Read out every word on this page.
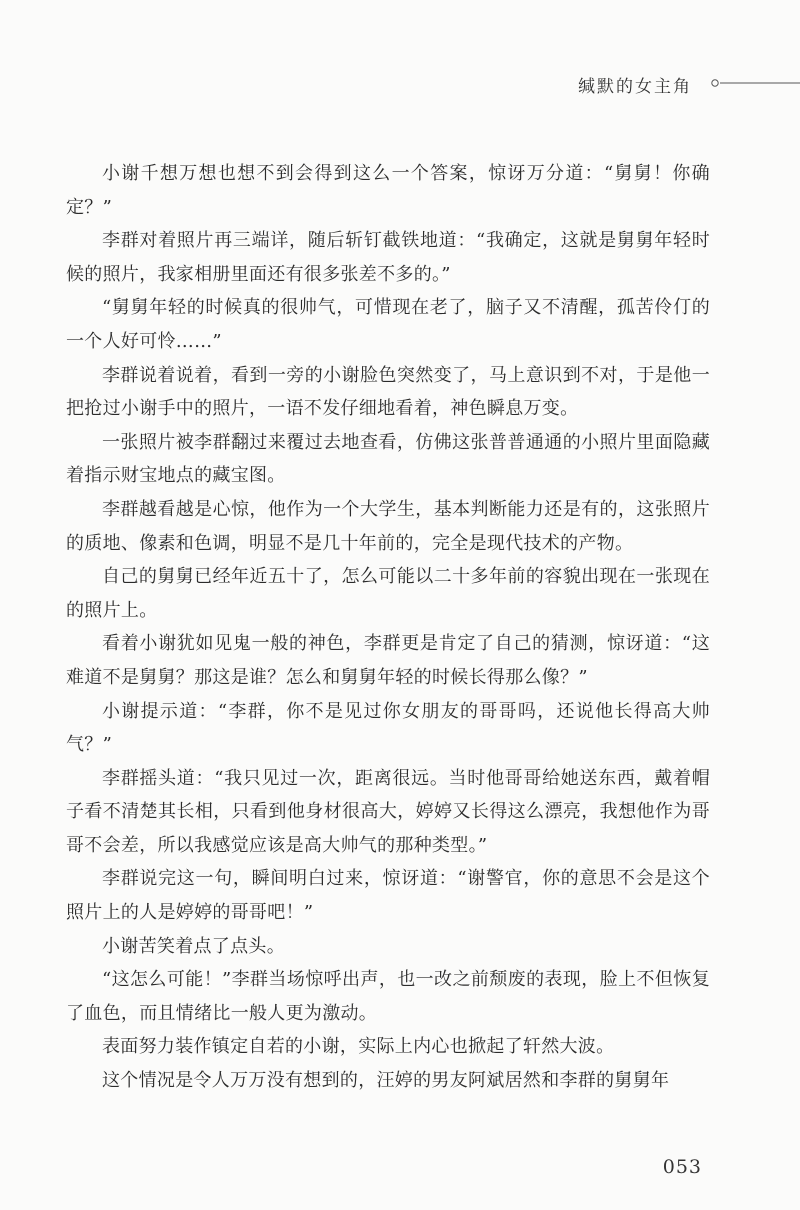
缄默的女主角

小谢千想万想也想不到会得到这么一个答案，惊讶万分道：“舅舅！你确定？”

李群对着照片再三端详，随后斩钉截铁地道：“我确定，这就是舅舅年轻时候的照片，我家相册里面还有很多张差不多的。”

“舅舅年轻的时候真的很帅气，可惜现在老了，脑子又不清醒，孤苦伶仃的一个人好可怜……”

李群说着说着，看到一旁的小谢脸色突然变了，马上意识到不对，于是他一把抢过小谢手中的照片，一语不发仔细地看着，神色瞬息万变。

一张照片被李群翻过来覆过去地查看，仿佛这张普普通通的小照片里面隐藏着指示财宝地点的藏宝图。

李群越看越是心惊，他作为一个大学生，基本判断能力还是有的，这张照片的质地、像素和色调，明显不是几十年前的，完全是现代技术的产物。

自己的舅舅已经年近五十了，怎么可能以二十多年前的容貌出现在一张现在的照片上。

看着小谢犹如见鬼一般的神色，李群更是肯定了自己的猜测，惊讶道：“这难道不是舅舅？那这是谁？怎么和舅舅年轻的时候长得那么像？”

小谢提示道：“李群，你不是见过你女朋友的哥哥吗，还说他长得高大帅气？”

李群摇头道：“我只见过一次，距离很远。当时他哥哥给她送东西，戴着帽子看不清楚其长相，只看到他身材很高大，婷婷又长得这么漂亮，我想他作为哥哥不会差，所以我感觉应该是高大帅气的那种类型。”

李群说完这一句，瞬间明白过来，惊讶道：“谢警官，你的意思不会是这个照片上的人是婷婷的哥哥吧！”

小谢苦笑着点了点头。

“这怎么可能！”李群当场惊呼出声，也一改之前颓废的表现，脸上不但恢复了血色，而且情绪比一般人更为激动。

表面努力装作镇定自若的小谢，实际上内心也掀起了轩然大波。

这个情况是令人万万没有想到的，汪婷的男友阿斌居然和李群的舅舅年

053
